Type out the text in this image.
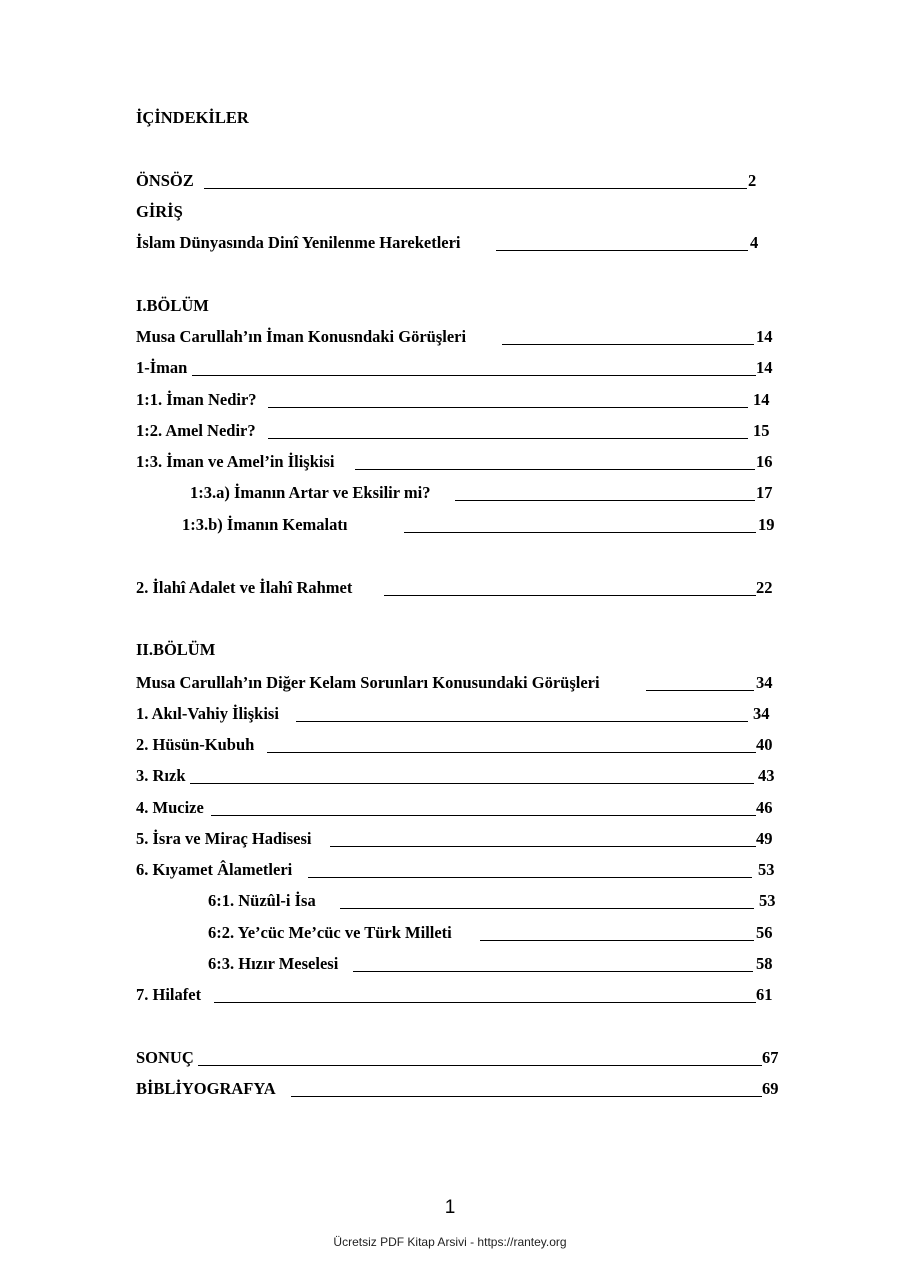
İÇİNDEKİLER
ÖNSÖZ	2
GİRİŞ
İslam Dünyasında Dinî Yenilenme Hareketleri	4
I.BÖLÜM
Musa Carullah’ın İman Konusndaki Görüşleri	14
1-İman	14
1:1. İman Nedir?	14
1:2. Amel Nedir?	15
1:3. İman ve Amel’in İlişkisi	16
1:3.a) İmanın Artar ve Eksilir mi?	17
1:3.b) İmanın Kemalatı	19
2. İlahî Adalet ve İlahî Rahmet	22
II.BÖLÜM
Musa Carullah’ın Diğer Kelam Sorunları Konusundaki Görüşleri	34
1. Akıl-Vahiy İlişkisi	34
2. Hüsün-Kubuh	40
3. Rızk	43
4. Mucize	46
5. İsra ve Miraç Hadisesi	49
6. Kıyamet Âlametleri	53
6:1. Nüzûl-i İsa	53
6:2. Ye’cüc Me’cüc ve Türk Milleti	56
6:3. Hızır Meselesi	58
7. Hilafet	61
SONUÇ	67
BİBLİYOGRAFYA	69
1
Ücretsiz PDF Kitap Arsivi - https://rantey.org
